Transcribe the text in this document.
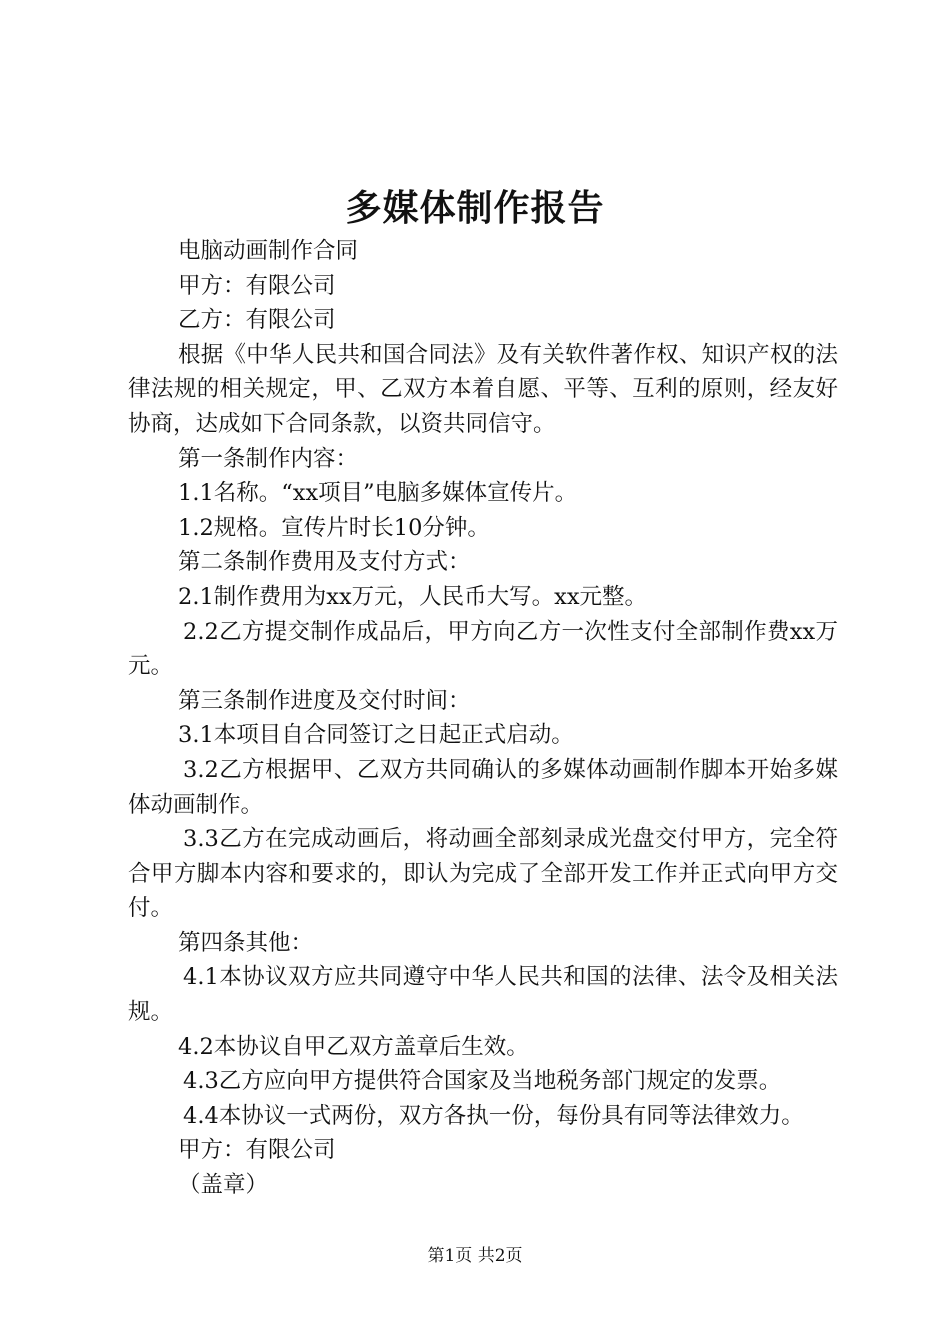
多媒体制作报告

电脑动画制作合同

甲方：有限公司

乙方：有限公司

根据《中华人民共和国合同法》及有关软件著作权、知识产权的法律法规的相关规定，甲、乙双方本着自愿、平等、互利的原则，经友好协商，达成如下合同条款，以资共同信守。

第一条制作内容：

1.1名称。“xx项目”电脑多媒体宣传片。

1.2规格。宣传片时长10分钟。

第二条制作费用及支付方式：

2.1制作费用为xx万元，人民币大写。xx元整。

2.2乙方提交制作成品后，甲方向乙方一次性支付全部制作费xx万元。

第三条制作进度及交付时间：

3.1本项目自合同签订之日起正式启动。

3.2乙方根据甲、乙双方共同确认的多媒体动画制作脚本开始多媒体动画制作。

3.3乙方在完成动画后，将动画全部刻录成光盘交付甲方，完全符合甲方脚本内容和要求的，即认为完成了全部开发工作并正式向甲方交付。

第四条其他：

4.1本协议双方应共同遵守中华人民共和国的法律、法令及相关法规。

4.2本协议自甲乙双方盖章后生效。

4.3乙方应向甲方提供符合国家及当地税务部门规定的发票。

4.4本协议一式两份，双方各执一份，每份具有同等法律效力。

甲方：有限公司

（盖章）

第1页 共2页
